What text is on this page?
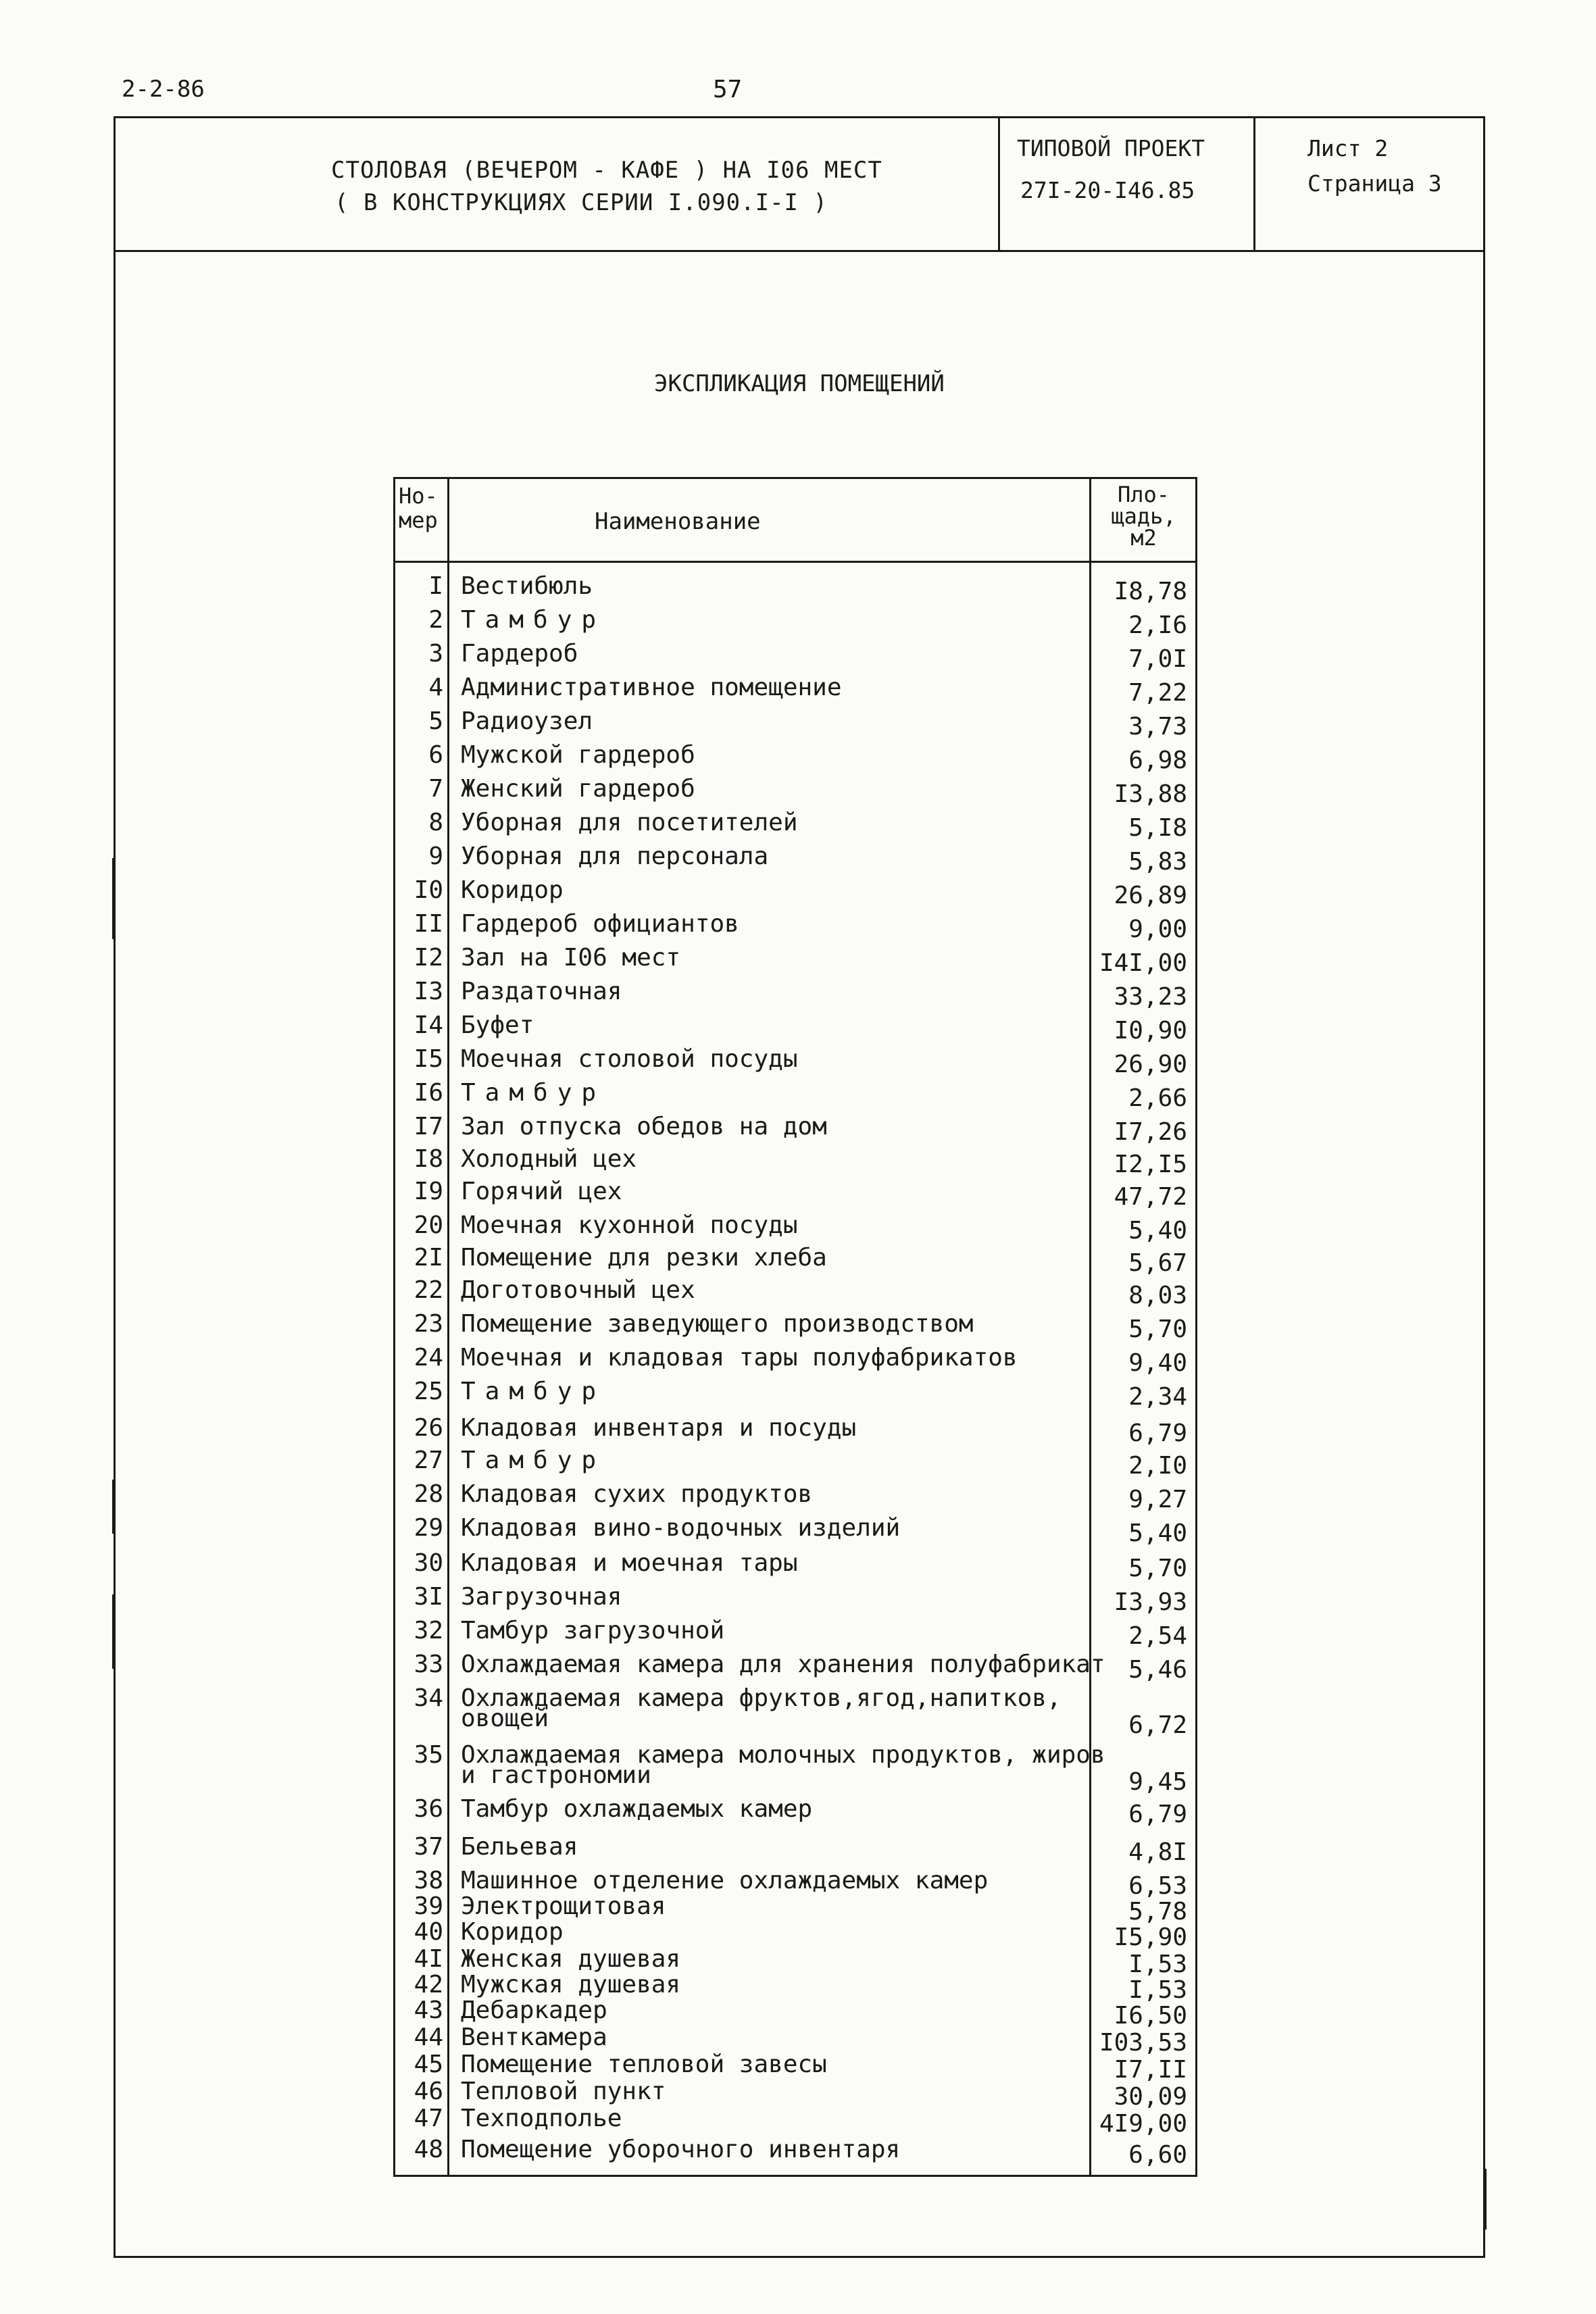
2-2-86	57
СТОЛОВАЯ (ВЕЧЕРОМ - КАФЕ ) НА I06 МЕСТ
( В КОНСТРУКЦИЯХ СЕРИИ I.090.I-I )
ТИПОВОЙ ПРОЕКТ
27I-20-I46.85
Лист 2
Страница 3
ЭКСПЛИКАЦИЯ ПОМЕЩЕНИЙ
Но-
мер	Наименование
Пло-
щадь,
м2
I Вестибюль	I8,78
2 Тамбур	2,I6
3 Гардероб	7,0I
4 Административное помещение	7,22
5 Радиоузел	3,73
6 Мужской гардероб	6,98
7 Женский гардероб	I3,88
8 Уборная для посетителей	5,I8
9 Уборная для персонала	5,83
I0 Коридор	26,89
II Гардероб официантов	9,00
I2 Зал на I06 мест	I4I,00
I3 Раздаточная	33,23
I4 Буфет	I0,90
I5 Моечная столовой посуды	26,90
I6 Тамбур	2,66
I7 Зал отпуска обедов на дом	I7,26
I8 Холодный цех	I2,I5
I9 Горячий цех	47,72
20 Моечная кухонной посуды	5,40
2I Помещение для резки хлеба	5,67
22 Доготовочный цех	8,03
23 Помещение заведующего производством	5,70
24 Моечная и кладовая тары полуфабрикатов	9,40
25 Тамбур	2,34
26 Кладовая инвентаря и посуды	6,79
27 Тамбур	2,I0
28 Кладовая сухих продуктов	9,27
29 Кладовая вино-водочных изделий	5,40
30 Кладовая и моечная тары	5,70
3I Загрузочная	I3,93
32 Тамбур загрузочной	2,54
33 Охлаждаемая камера для хранения полуфабрикат 5,46
34 Охлаждаемая камера фруктов,ягод,напитков,
овощей	6,72
35 Охлаждаемая камера молочных продуктов, жиров
и гастрономии	9,45
36 Тамбур охлаждаемых камер	6,79
37 Бельевая	4,8I
38 Машинное отделение охлаждаемых камер	6,53
39 Электрощитовая	5,78
40 Коридор	I5,90
4I Женская душевая	I,53
42 Мужская душевая	I,53
43 Дебаркадер	I6,50
44 Венткамера	I03,53
45 Помещение тепловой завесы	I7,II
46 Тепловой пункт	30,09
47 Техподполье	4I9,00
48 Помещение уборочного инвентаря	6,60
